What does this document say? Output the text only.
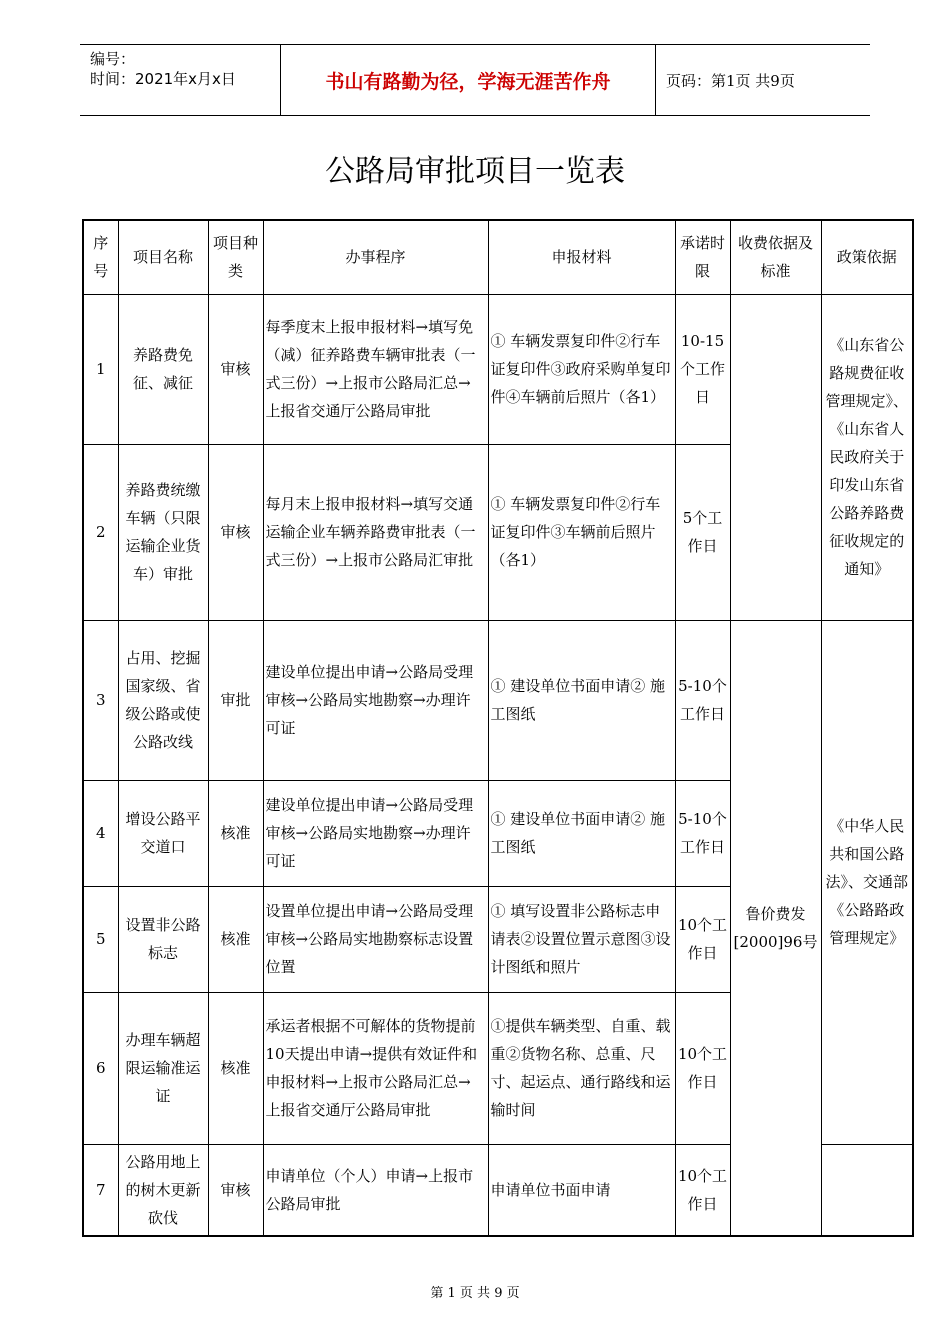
编号：
时间：2021年x月x日	书山有路勤为径，学海无涯苦作舟	页码：第1页 共9页
公路局审批项目一览表
序号	项目名称	项目种类	办事程序	申报材料	承诺时限	收费依据及标准	政策依据
1	养路费免征、减征	审核	每季度末上报申报材料→填写免（减）征养路费车辆审批表（一式三份）→上报市公路局汇总→上报省交通厅公路局审批	① 车辆发票复印件②行车证复印件③政府采购单复印件④车辆前后照片（各1）	10-15个工作日		《山东省公路规费征收管理规定》、《山东省人民政府关于印发山东省公路养路费征收规定的通知》
2	养路费统缴车辆（只限运输企业货车）审批	审核	每月末上报申报材料→填写交通运输企业车辆养路费审批表（一式三份）→上报市公路局汇审批	① 车辆发票复印件②行车证复印件③车辆前后照片（各1）	5个工作日		
3	占用、挖掘国家级、省级公路或使公路改线	审批	建设单位提出申请→公路局受理审核→公路局实地勘察→办理许可证	① 建设单位书面申请② 施工图纸	5-10个工作日	鲁价费发[2000]96号	《中华人民共和国公路法》、交通部《公路路政管理规定》
4	增设公路平交道口	核准	建设单位提出申请→公路局受理审核→公路局实地勘察→办理许可证	① 建设单位书面申请② 施工图纸	5-10个工作日		
5	设置非公路标志	核准	设置单位提出申请→公路局受理审核→公路局实地勘察标志设置位置	① 填写设置非公路标志申请表②设置位置示意图③设计图纸和照片	10个工作日		
6	办理车辆超限运输准运证	核准	承运者根据不可解体的货物提前10天提出申请→提供有效证件和申报材料→上报市公路局汇总→上报省交通厅公路局审批	①提供车辆类型、自重、载重②货物名称、总重、尺寸、起运点、通行路线和运输时间	10个工作日		
7	公路用地上的树木更新砍伐	审核	申请单位（个人）申请→上报市公路局审批	申请单位书面申请	10个工作日		
第 1 页 共 9 页
